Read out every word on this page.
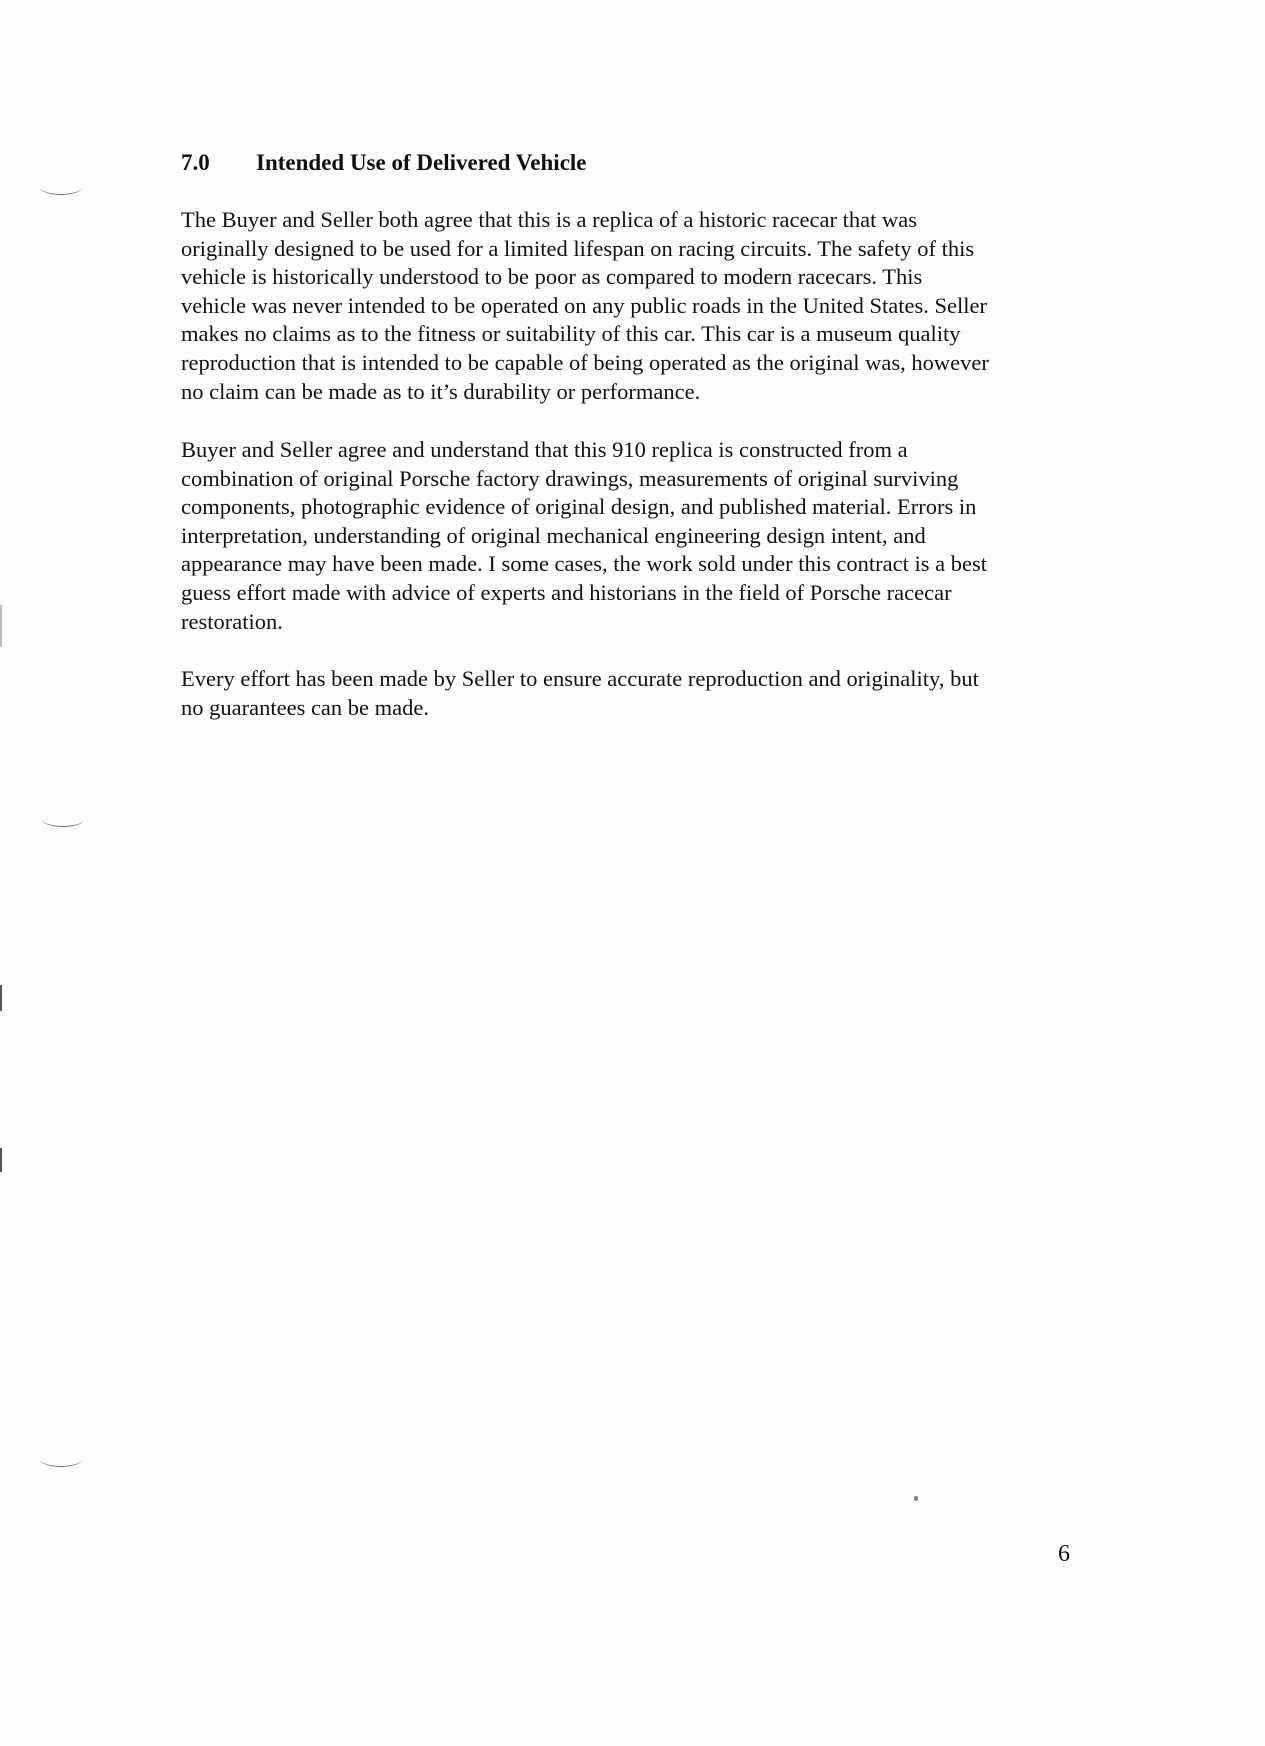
7.0 Intended Use of Delivered Vehicle

The Buyer and Seller both agree that this is a replica of a historic racecar that was
originally designed to be used for a limited lifespan on racing circuits. The safety of this
vehicle is historically understood to be poor as compared to modern racecars. This
vehicle was never intended to be operated on any public roads in the United States. Seller
makes no claims as to the fitness or suitability of this car. This car is a museum quality
reproduction that is intended to be capable of being operated as the original was, however
no claim can be made as to it’s durability or performance.

Buyer and Seller agree and understand that this 910 replica is constructed from a
combination of original Porsche factory drawings, measurements of original surviving
components, photographic evidence of original design, and published material. Errors in
interpretation, understanding of original mechanical engineering design intent, and
appearance may have been made. I some cases, the work sold under this contract is a best
guess effort made with advice of experts and historians in the field of Porsche racecar
restoration.

Every effort has been made by Seller to ensure accurate reproduction and originality, but
no guarantees can be made.

6
